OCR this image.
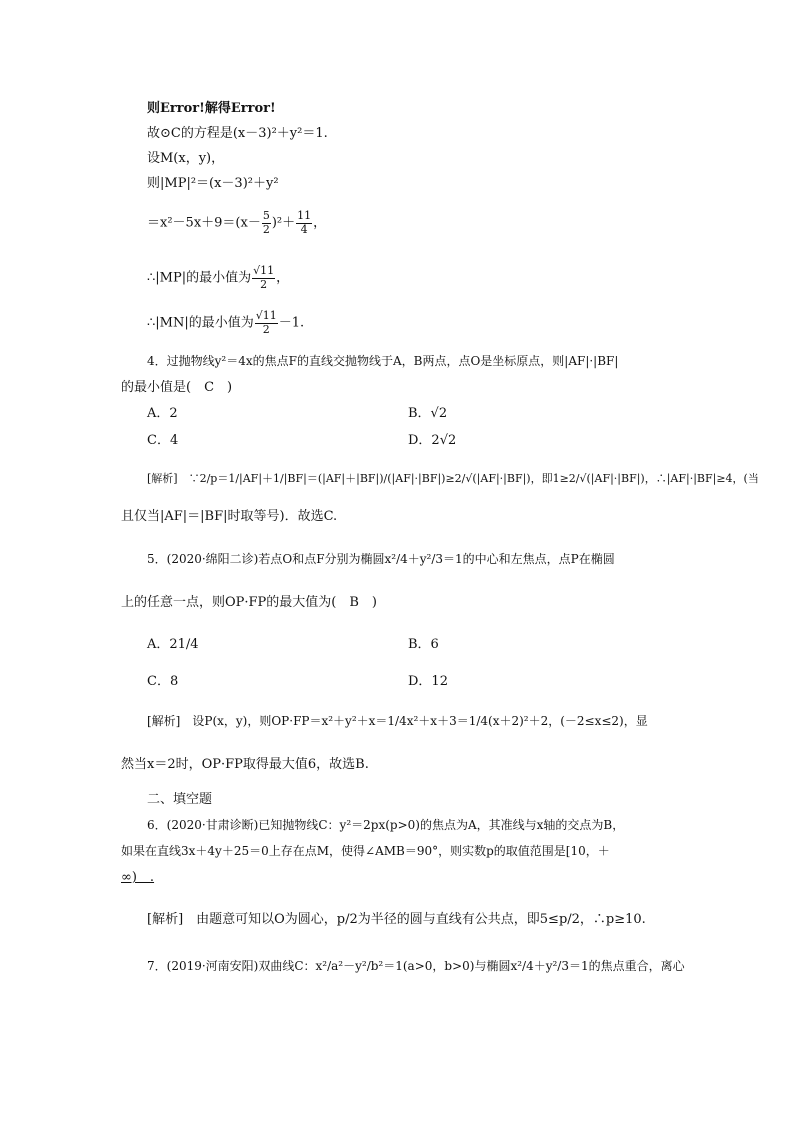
则Error!解得Error!
故⊙C的方程是(x－3)²＋y²＝1.
设M(x，y)，
则|MP|²＝(x－3)²＋y²
$=x^2-5x+9=(x- \frac{5}{2} )^2+ \frac{11}{4}$ ，
∴|MP|的最小值为 $\frac{√11}{2}$ ，
∴|MN|的最小值为 $\frac{√11}{2} -1$.
4．过抛物线y²＝4x的焦点F的直线交抛物线于A，B两点，点O是坐标原点，则|AF|·|BF|
的最小值是(　C　)
A．2	B．√2
C．4	D．2√2
[解析]　∵2/p＝1/|AF|＋1/|BF|＝(|AF|＋|BF|)/(|AF|·|BF|)≥2/√(|AF|·|BF|)，即1≥2/√(|AF|·|BF|)，∴|AF|·|BF|≥4，(当
且仅当|AF|＝|BF|时取等号)．故选C.
5．(2020·绵阳二诊)若点O和点F分别为椭圆x²/4＋y²/3＝1的中心和左焦点，点P在椭圆
上的任意一点，则OP·FP的最大值为(　B　)
A．21/4	B．6
C．8	D．12
[解析]　设P(x，y)，则OP·FP＝x²＋y²＋x＝1/4x²＋x＋3＝1/4(x＋2)²＋2，(－2≤x≤2)，显
然当x＝2时，OP·FP取得最大值6，故选B.
二、填空题
6．(2020·甘肃诊断)已知抛物线C：y²＝2px(p>0)的焦点为A，其准线与x轴的交点为B，
如果在直线3x＋4y＋25＝0上存在点M，使得∠AMB＝90°，则实数p的取值范围是[10，＋
∞)　.
[解析]　由题意可知以O为圆心，p/2为半径的圆与直线有公共点，即5≤p/2，∴p≥10.
7．(2019·河南安阳)双曲线C：x²/a²－y²/b²＝1(a>0，b>0)与椭圆x²/4＋y²/3＝1的焦点重合，离心
